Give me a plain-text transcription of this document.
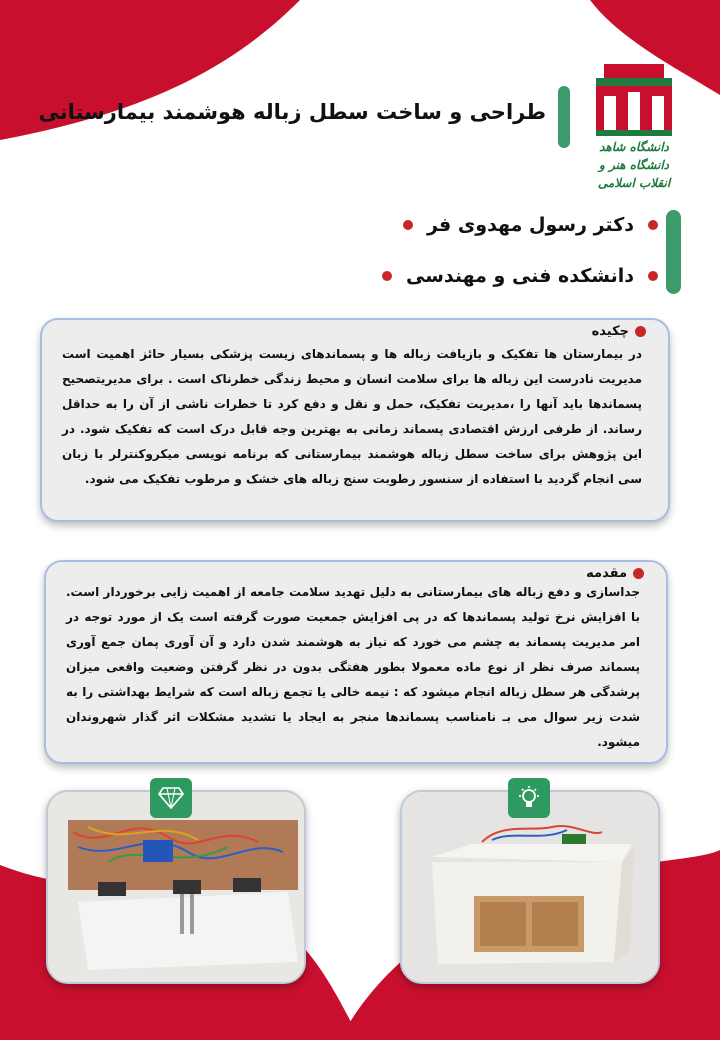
دانشگاه شاهد
دانشگاه هنر و انقلاب اسلامی
طراحی و ساخت سطل زباله هوشمند بیمارستانی
دکتر رسول مهدوی فر
دانشکده فنی و مهندسی
چکیده
در بیمارستان ها تفکیک و بازیافت زباله ها و پسماندهای زیست پزشکی بسیار حائز اهمیت است مدیریت نادرست این زباله ها برای سلامت انسان و محیط زندگی خطرناک است . برای مدیریتصحیح پسماندها باید آنها را ،مدیریت تفکیک، حمل و نقل و دفع کرد تا خطرات ناشی از آن را به حداقل رساند. از طرفی ارزش اقتصادی پسماند زمانی به بهترین وجه قابل درک است که تفکیک شود. در این پژوهش برای ساخت سطل زباله هوشمند بیمارستانی که برنامه نویسی میکروکنترلر با زبان سی انجام گردید با استفاده از سنسور رطوبت سنج زباله های خشک و مرطوب تفکیک می شود.
مقدمه
جداسازی و دفع زباله های بیمارستانی به دلیل تهدید سلامت جامعه از اهمیت زایی برخوردار است. با افزایش نرخ تولید پسماندها که در پی افزایش جمعیت صورت گرفته است یک از مورد توجه در امر مدیریت پسماند به چشم می خورد که نیاز به هوشمند شدن دارد و آن آوری پمان جمع آوری پسماند صرف نظر از نوع ماده معمولا بطور هفتگی بدون در نظر گرفتن وضعیت واقعی میزان پرشدگی هر سطل زباله انجام میشود که : نیمه خالی یا تجمع زباله است که شرایط بهداشتی را به شدت زیر سوال می بـ نامناسب پسماندها منجر به ایجاد یا تشدید مشکلات اثر گذار شهروندان میشود.
